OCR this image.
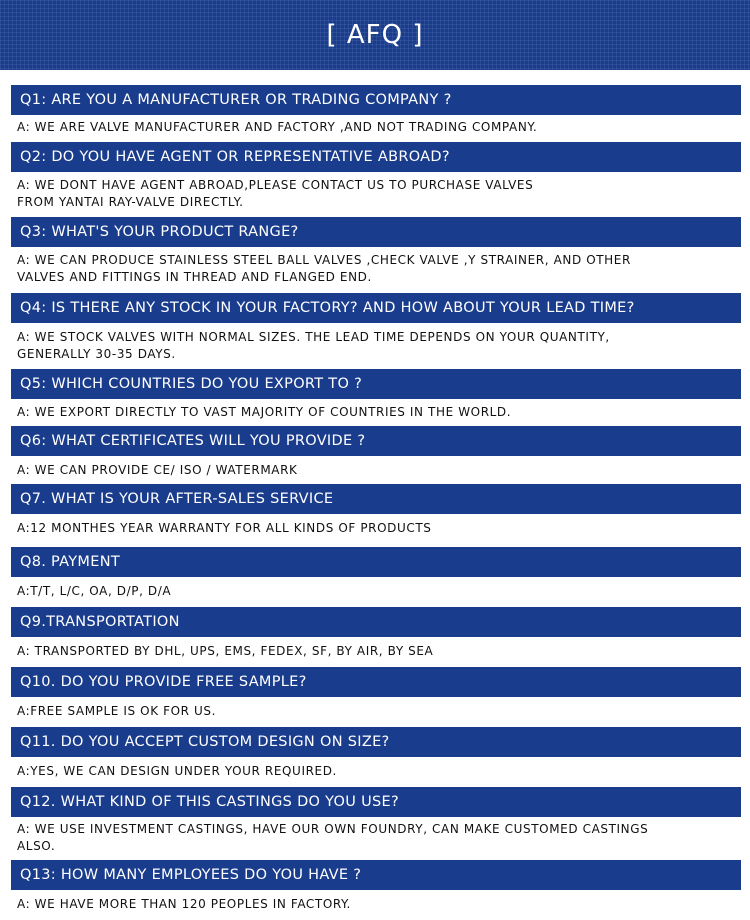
[ AFQ ]
Q1: ARE YOU A MANUFACTURER OR TRADING COMPANY ?
A: WE ARE VALVE MANUFACTURER AND FACTORY ,AND NOT TRADING COMPANY.
Q2: DO YOU HAVE AGENT OR REPRESENTATIVE ABROAD?
A: WE DONT HAVE AGENT ABROAD,PLEASE CONTACT US TO PURCHASE VALVES
FROM YANTAI RAY-VALVE DIRECTLY.
Q3: WHAT'S YOUR PRODUCT RANGE?
A: WE CAN PRODUCE STAINLESS STEEL BALL VALVES ,CHECK VALVE ,Y STRAINER, AND OTHER
VALVES AND FITTINGS IN THREAD AND FLANGED END.
Q4: IS THERE ANY STOCK IN YOUR FACTORY? AND HOW ABOUT YOUR LEAD TIME?
A: WE STOCK VALVES WITH NORMAL SIZES. THE LEAD TIME DEPENDS ON YOUR QUANTITY,
GENERALLY 30-35 DAYS.
Q5: WHICH COUNTRIES DO YOU EXPORT TO ?
A: WE EXPORT DIRECTLY TO VAST MAJORITY OF COUNTRIES IN THE WORLD.
Q6: WHAT CERTIFICATES WILL YOU PROVIDE ?
A: WE CAN PROVIDE CE/ ISO / WATERMARK
Q7. WHAT IS YOUR AFTER-SALES SERVICE
A:12 MONTHES YEAR WARRANTY FOR ALL KINDS OF PRODUCTS
Q8. PAYMENT
A:T/T, L/C, OA, D/P, D/A
Q9.TRANSPORTATION
A: TRANSPORTED BY DHL, UPS, EMS, FEDEX, SF, BY AIR, BY SEA
Q10. DO YOU PROVIDE FREE SAMPLE?
A:FREE SAMPLE IS OK FOR US.
Q11. DO YOU ACCEPT CUSTOM DESIGN ON SIZE?
A:YES, WE CAN DESIGN UNDER YOUR REQUIRED.
Q12. WHAT KIND OF THIS CASTINGS DO YOU USE?
A: WE USE INVESTMENT CASTINGS, HAVE OUR OWN FOUNDRY, CAN MAKE CUSTOMED CASTINGS
ALSO.
Q13: HOW MANY EMPLOYEES DO YOU HAVE ?
A: WE HAVE MORE THAN 120 PEOPLES IN FACTORY.
